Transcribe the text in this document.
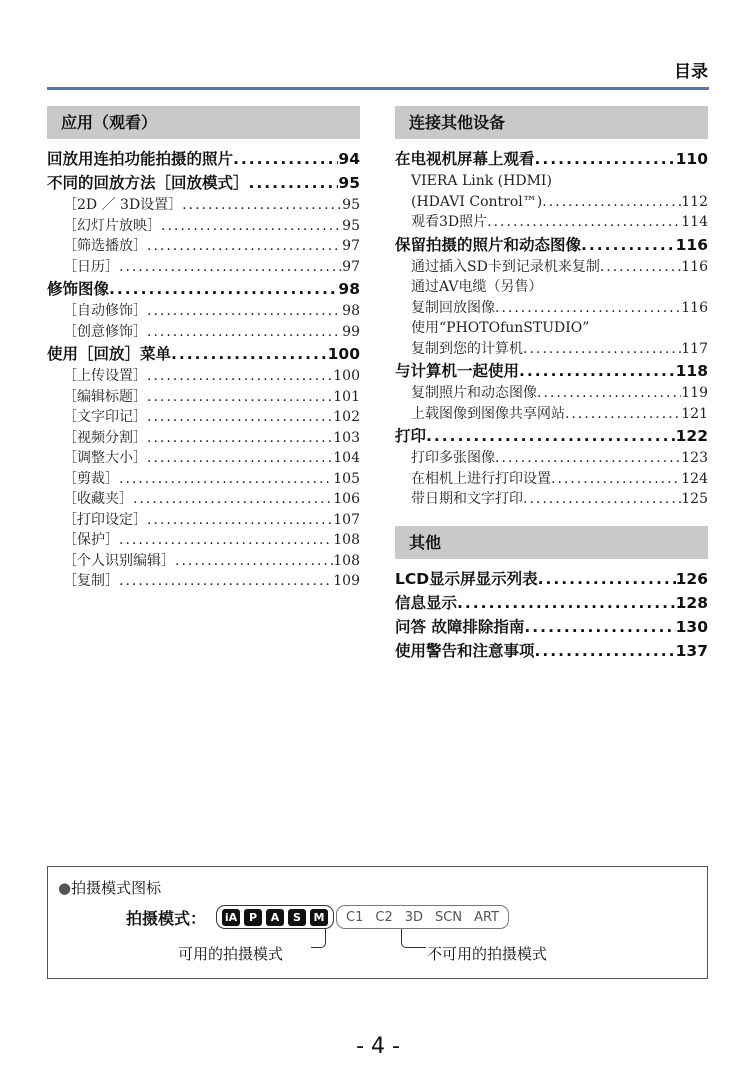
目录
应用（观看）
回放用连拍功能拍摄的照片 .....	94
不同的回放方法［回放模式］ .....	95
［2D ／ 3D设置］ .....	95
［幻灯片放映］ .....	95
［筛选播放］ .....	97
［日历］ .....	97
修饰图像 .....	98
［自动修饰］ .....	98
［创意修饰］ .....	99
使用［回放］菜单 .....	100
［上传设置］ .....	100
［编辑标题］ .....	101
［文字印记］ .....	102
［视频分割］ .....	103
［调整大小］ .....	104
［剪裁］ .....	105
［收藏夹］ .....	106
［打印设定］ .....	107
［保护］ .....	108
［个人识别编辑］ .....	108
［复制］ .....	109
连接其他设备
在电视机屏幕上观看 .....	110
VIERA Link (HDMI)
(HDAVI Control™) .....	112
观看3D照片 .....	114
保留拍摄的照片和动态图像 .....	116
通过插入SD卡到记录机来复制 .....	116
通过AV电缆（另售）
复制回放图像 .....	116
使用“PHOTOfunSTUDIO”
复制到您的计算机 .....	117
与计算机一起使用 .....	118
复制照片和动态图像 .....	119
上载图像到图像共享网站 .....	121
打印 .....	122
打印多张图像 .....	123
在相机上进行打印设置 .....	124
带日期和文字打印 .....	125
其他
LCD显示屏显示列表 .....	126
信息显示 .....	128
问答 故障排除指南 .....	130
使用警告和注意事项 .....	137
●拍摄模式图标
拍摄模式： iA	P	A	S	M	C1 C2 3D SCN ART
可用的拍摄模式	不可用的拍摄模式
- 4 -
